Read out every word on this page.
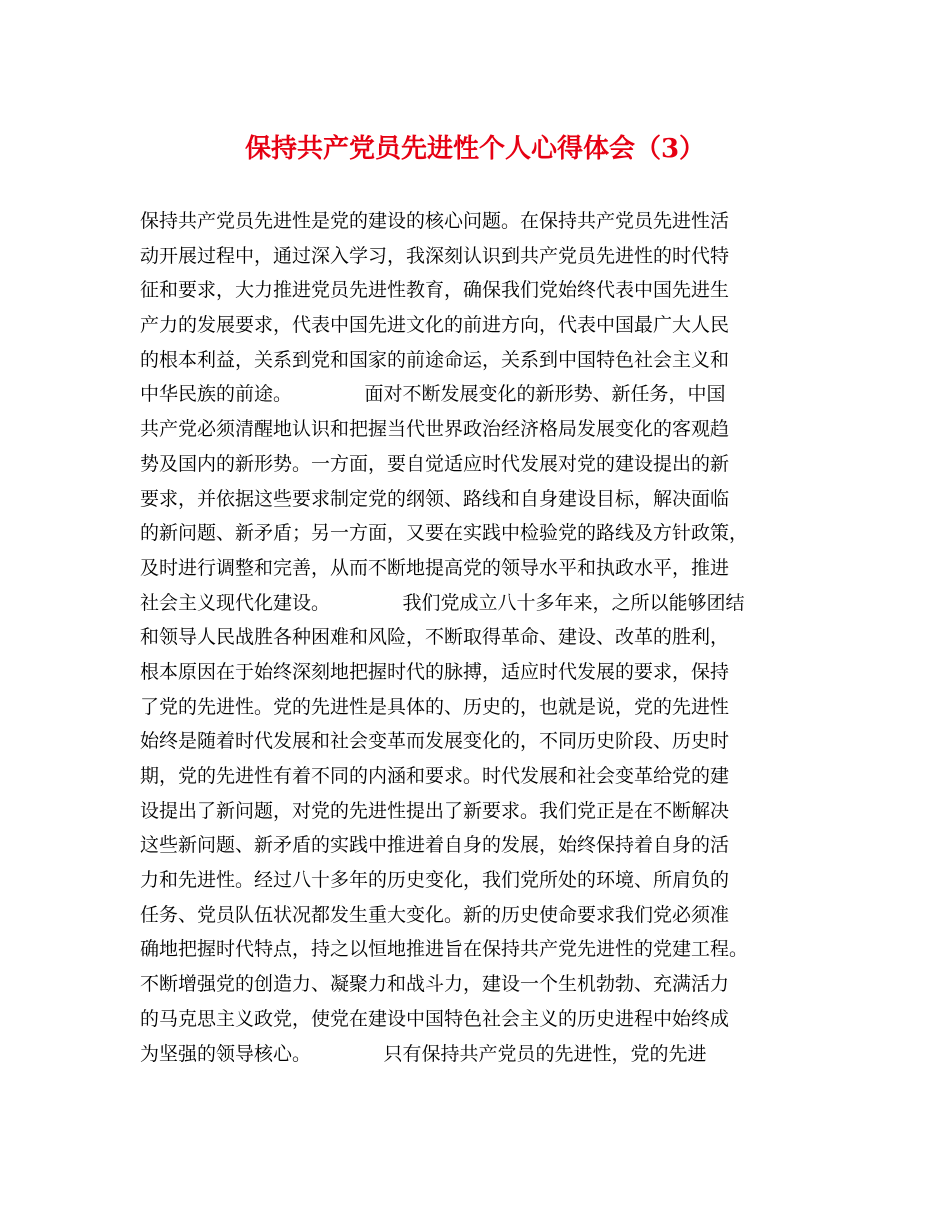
保持共产党员先进性个人心得体会（3）
保持共产党员先进性是党的建设的核心问题。在保持共产党员先进性活
动开展过程中，通过深入学习，我深刻认识到共产党员先进性的时代特
征和要求，大力推进党员先进性教育，确保我们党始终代表中国先进生
产力的发展要求，代表中国先进文化的前进方向，代表中国最广大人民
的根本利益，关系到党和国家的前途命运，关系到中国特色社会主义和
中华民族的前途。            面对不断发展变化的新形势、新任务，中国
共产党必须清醒地认识和把握当代世界政治经济格局发展变化的客观趋
势及国内的新形势。一方面，要自觉适应时代发展对党的建设提出的新
要求，并依据这些要求制定党的纲领、路线和自身建设目标，解决面临
的新问题、新矛盾；另一方面，又要在实践中检验党的路线及方针政策，
及时进行调整和完善，从而不断地提高党的领导水平和执政水平，推进
社会主义现代化建设。            我们党成立八十多年来，之所以能够团结
和领导人民战胜各种困难和风险，不断取得革命、建设、改革的胜利，
根本原因在于始终深刻地把握时代的脉搏，适应时代发展的要求，保持
了党的先进性。党的先进性是具体的、历史的，也就是说，党的先进性
始终是随着时代发展和社会变革而发展变化的，不同历史阶段、历史时
期，党的先进性有着不同的内涵和要求。时代发展和社会变革给党的建
设提出了新问题，对党的先进性提出了新要求。我们党正是在不断解决
这些新问题、新矛盾的实践中推进着自身的发展，始终保持着自身的活
力和先进性。经过八十多年的历史变化，我们党所处的环境、所肩负的
任务、党员队伍状况都发生重大变化。新的历史使命要求我们党必须准
确地把握时代特点，持之以恒地推进旨在保持共产党先进性的党建工程。
不断增强党的创造力、凝聚力和战斗力，建设一个生机勃勃、充满活力
的马克思主义政党，使党在建设中国特色社会主义的历史进程中始终成
为坚强的领导核心。            只有保持共产党员的先进性，党的先进
